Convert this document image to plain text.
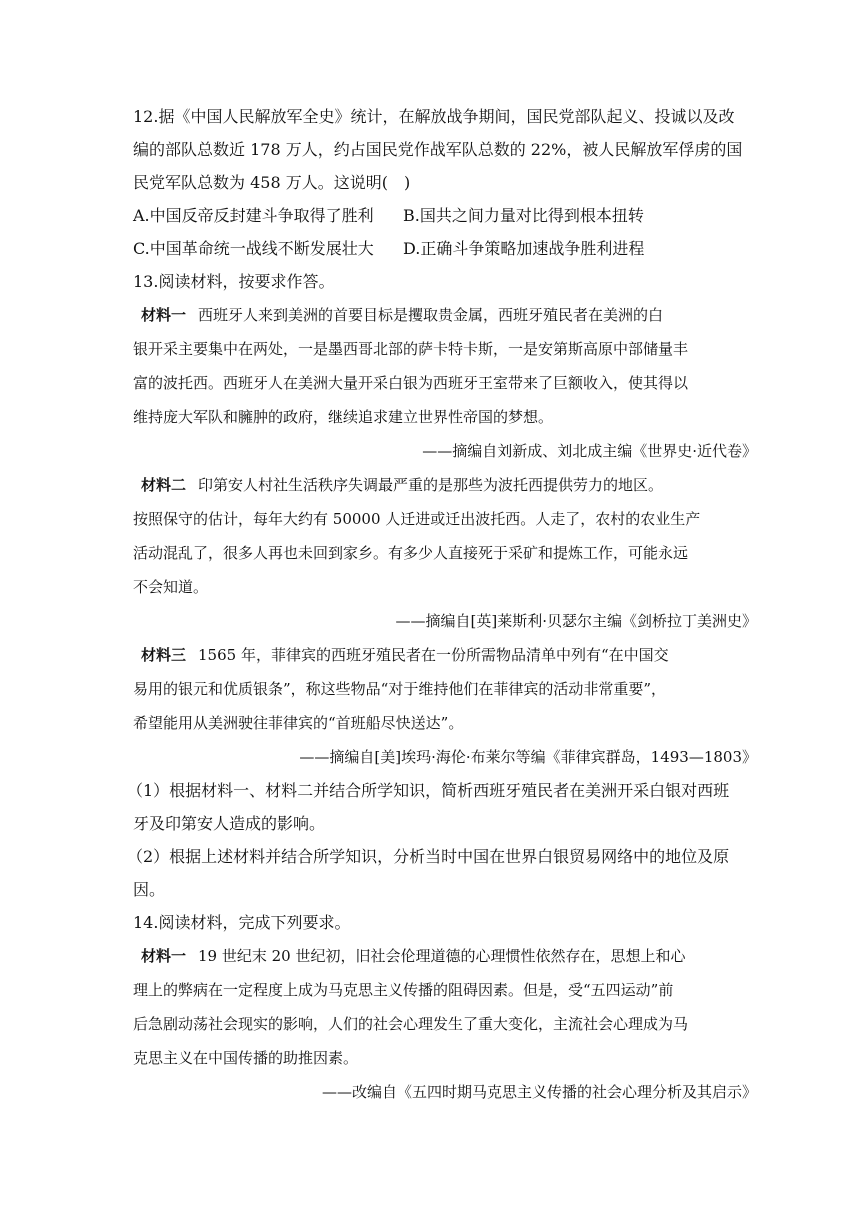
12.据《中国人民解放军全史》统计，在解放战争期间，国民党部队起义、投诚以及改
编的部队总数近 178 万人，约占国民党作战军队总数的 22%，被人民解放军俘虏的国
民党军队总数为 458 万人。这说明(　)
A.中国反帝反封建斗争取得了胜利	B.国共之间力量对比得到根本扭转
C.中国革命统一战线不断发展壮大	D.正确斗争策略加速战争胜利进程
13.阅读材料，按要求作答。
材料一 西班牙人来到美洲的首要目标是攫取贵金属，西班牙殖民者在美洲的白
银开采主要集中在两处，一是墨西哥北部的萨卡特卡斯，一是安第斯高原中部储量丰
富的波托西。西班牙人在美洲大量开采白银为西班牙王室带来了巨额收入，使其得以
维持庞大军队和臃肿的政府，继续追求建立世界性帝国的梦想。
——摘编自刘新成、刘北成主编《世界史·近代卷》
材料二 印第安人村社生活秩序失调最严重的是那些为波托西提供劳力的地区。
按照保守的估计，每年大约有 50000 人迁进或迁出波托西。人走了，农村的农业生产
活动混乱了，很多人再也未回到家乡。有多少人直接死于采矿和提炼工作，可能永远
不会知道。
——摘编自[英]莱斯利·贝瑟尔主编《剑桥拉丁美洲史》
材料三 1565 年，菲律宾的西班牙殖民者在一份所需物品清单中列有“在中国交
易用的银元和优质银条”，称这些物品“对于维持他们在菲律宾的活动非常重要”，
希望能用从美洲驶往菲律宾的“首班船尽快送达”。
——摘编自[美]埃玛·海伦·布莱尔等编《菲律宾群岛，1493—1803》
（1）根据材料一、材料二并结合所学知识，简析西班牙殖民者在美洲开采白银对西班
牙及印第安人造成的影响。
（2）根据上述材料并结合所学知识，分析当时中国在世界白银贸易网络中的地位及原
因。
14.阅读材料，完成下列要求。
材料一 19 世纪末 20 世纪初，旧社会伦理道德的心理惯性依然存在，思想上和心
理上的弊病在一定程度上成为马克思主义传播的阻碍因素。但是，受“五四运动”前
后急剧动荡社会现实的影响，人们的社会心理发生了重大变化，主流社会心理成为马
克思主义在中国传播的助推因素。
——改编自《五四时期马克思主义传播的社会心理分析及其启示》
